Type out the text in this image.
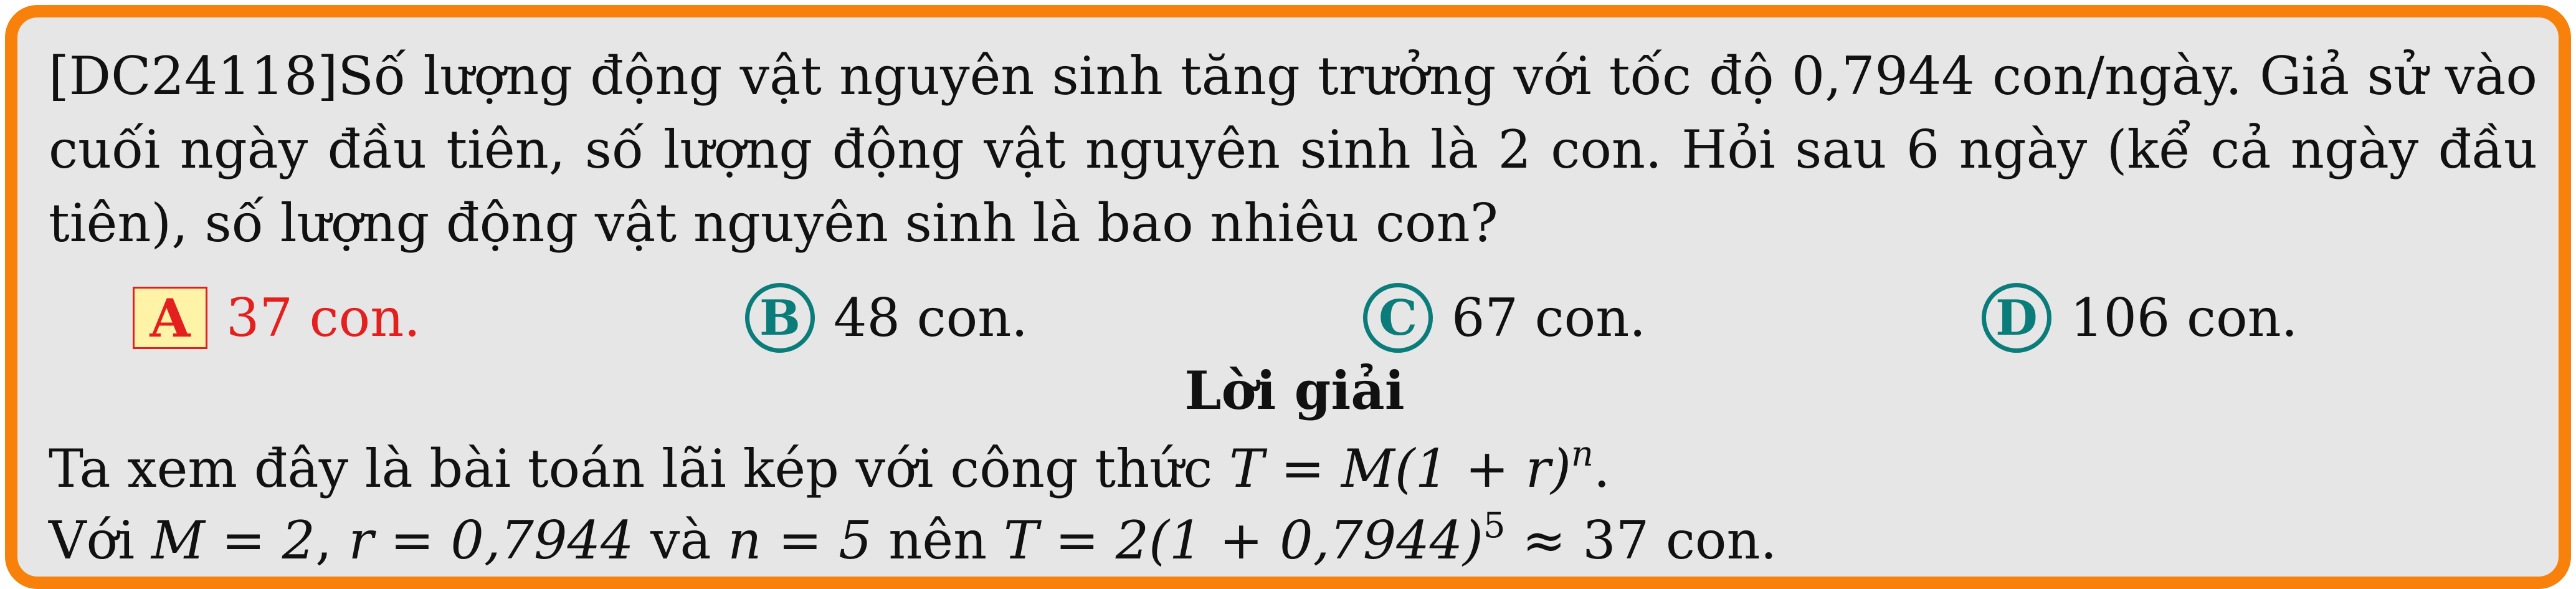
[DC24118]Số lượng động vật nguyên sinh tăng trưởng với tốc độ 0,7944 con/ngày. Giả sử vào
cuối ngày đầu tiên, số lượng động vật nguyên sinh là 2 con. Hỏi sau 6 ngày (kể cả ngày đầu
tiên), số lượng động vật nguyên sinh là bao nhiêu con?
A 37 con.	B 48 con.	C 67 con.	D 106 con.
Lời giải
Ta xem đây là bài toán lãi kép với công thức $T = M(1 + r)^n$.
Với M = 2, r = 0,7944 và n = 5 nên $T = 2(1 + 0,7944)^5 \approx 37$ con.
